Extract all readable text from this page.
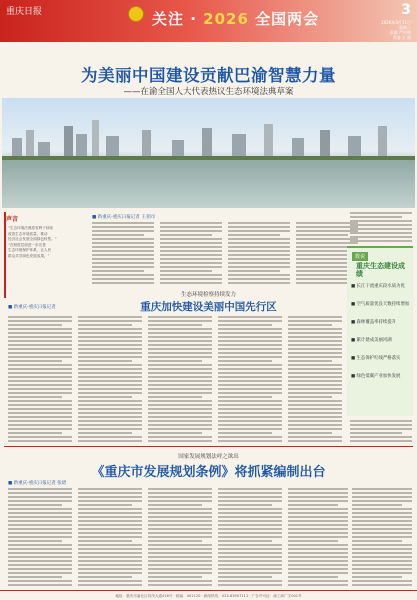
重庆日报	关注 · 2026 全国两会	3
2026年3月11日
星期三
责编 严中相
美编 王 斌
为美丽中国建设贡献巴渝智慧力量
——在渝全国人大代表热议生态环境法典草案
声音
“生态环境法典将有利于持续
改善生态环境质量，推动
经济社会发展全面绿色转型。”
“在制度层面进一步完善
生态环境保护体系，让人民
群众共享绿色发展成果。”
■ 新重庆-重庆日报记者 王亚同
生态环境检察持续发力
重庆加快建设美丽中国先行区
■ 新重庆-重庆日报记者
数说
重庆生态建设成绩
■ 长江干流重庆段水质为优
■ 空气质量优良天数持续增加
■ 森林覆盖率持续提升
■ 累计建成美丽河湖
■ 生态保护红线严格落实
■ 绿色低碳产业加快发展
国家发展规划法呼之欲出
《重庆市发展规划条例》将抓紧编制出台
■ 新重庆-重庆日报记者 张珺
地址：重庆市渝北区同茂大道416号 · 邮编：401120 · 新闻热线：023-63907111 · 广告许可证：渝工商广字001号
